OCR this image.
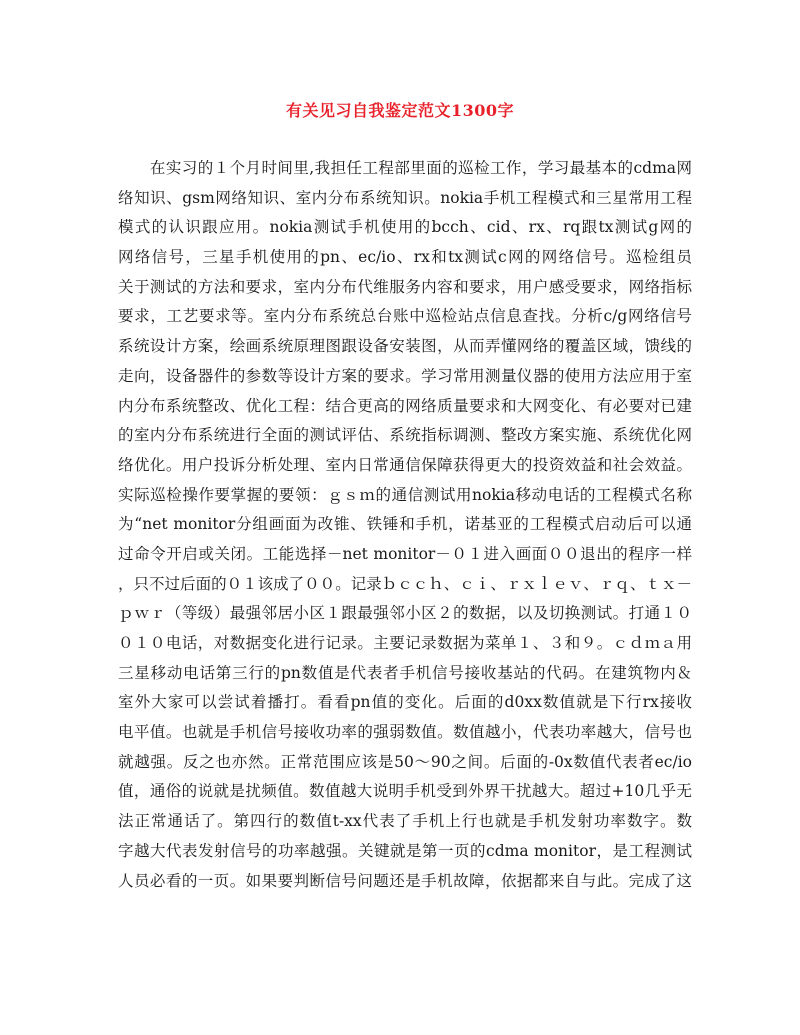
有关见习自我鉴定范文1300字
　　在实习的１个月时间里,我担任工程部里面的巡检工作，学习最基本的cdma网
络知识、gsm网络知识、室内分布系统知识。nokia手机工程模式和三星常用工程
模式的认识跟应用。nokia测试手机使用的bcch、cid、rx、rq跟tx测试g网的
网络信号，三星手机使用的pn、ec/io、rx和tx测试c网的网络信号。巡检组员
关于测试的方法和要求，室内分布代维服务内容和要求，用户感受要求，网络指标
要求，工艺要求等。室内分布系统总台账中巡检站点信息查找。分析c/g网络信号
系统设计方案，绘画系统原理图跟设备安装图，从而弄懂网络的覆盖区域，馈线的
走向，设备器件的参数等设计方案的要求。学习常用测量仪器的使用方法应用于室
内分布系统整改、优化工程：结合更高的网络质量要求和大网变化、有必要对已建
的室内分布系统进行全面的测试评估、系统指标调测、整改方案实施、系统优化网
络优化。用户投诉分析处理、室内日常通信保障获得更大的投资效益和社会效益。
实际巡检操作要掌握的要领：ｇｓｍ的通信测试用nokia移动电话的工程模式名称
为“net monitor分组画面为改锥、铁锤和手机，诺基亚的工程模式启动后可以通
过命令开启或关闭。工能选择－net monitor－０１进入画面００退出的程序一样
，只不过后面的０１该成了００。记录ｂｃｃｈ、ｃｉ、ｒｘｌｅｖ、ｒｑ、ｔｘ－
ｐｗｒ（等级）最强邻居小区１跟最强邻小区２的数据，以及切换测试。打通１０
０１０电话，对数据变化进行记录。主要记录数据为菜单１、３和９。ｃｄｍａ用
三星移动电话第三行的pn数值是代表者手机信号接收基站的代码。在建筑物内＆
室外大家可以尝试着播打。看看pn值的变化。后面的d0xx数值就是下行rx接收
电平值。也就是手机信号接收功率的强弱数值。数值越小，代表功率越大，信号也
就越强。反之也亦然。正常范围应该是50～90之间。后面的-0x数值代表者ec/io
值，通俗的说就是扰频值。数值越大说明手机受到外界干扰越大。超过+10几乎无
法正常通话了。第四行的数值t-xx代表了手机上行也就是手机发射功率数字。数
字越大代表发射信号的功率越强。关键就是第一页的cdma monitor，是工程测试
人员必看的一页。如果要判断信号问题还是手机故障，依据都来自与此。完成了这
